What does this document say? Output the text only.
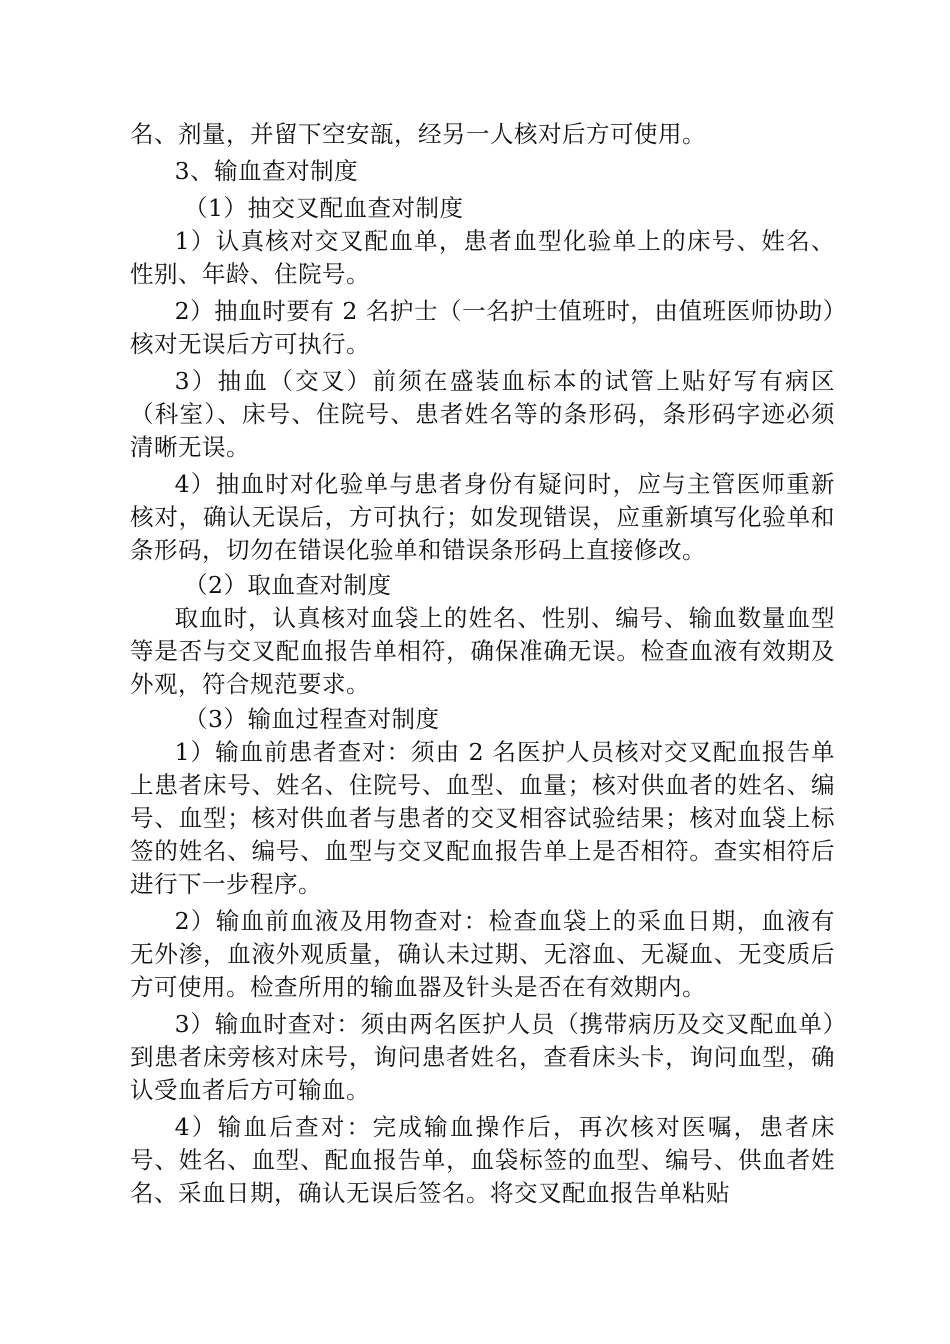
名、剂量，并留下空安瓿，经另一人核对后方可使用。

3、输血查对制度

（1）抽交叉配血查对制度

1）认真核对交叉配血单，患者血型化验单上的床号、姓名、性别、年龄、住院号。

2）抽血时要有 2 名护士（一名护士值班时，由值班医师协助）核对无误后方可执行。

3）抽血（交叉）前须在盛装血标本的试管上贴好写有病区（科室）、床号、住院号、患者姓名等的条形码，条形码字迹必须清晰无误。

4）抽血时对化验单与患者身份有疑问时，应与主管医师重新核对，确认无误后，方可执行；如发现错误，应重新填写化验单和条形码，切勿在错误化验单和错误条形码上直接修改。

（2）取血查对制度

取血时，认真核对血袋上的姓名、性别、编号、输血数量血型等是否与交叉配血报告单相符，确保准确无误。检查血液有效期及外观，符合规范要求。

（3）输血过程查对制度

1）输血前患者查对：须由 2 名医护人员核对交叉配血报告单上患者床号、姓名、住院号、血型、血量；核对供血者的姓名、编号、血型；核对供血者与患者的交叉相容试验结果；核对血袋上标签的姓名、编号、血型与交叉配血报告单上是否相符。查实相符后进行下一步程序。

2）输血前血液及用物查对：检查血袋上的采血日期，血液有无外渗，血液外观质量，确认未过期、无溶血、无凝血、无变质后方可使用。检查所用的输血器及针头是否在有效期内。

3）输血时查对：须由两名医护人员（携带病历及交叉配血单）到患者床旁核对床号，询问患者姓名，查看床头卡，询问血型，确认受血者后方可输血。

4）输血后查对：完成输血操作后，再次核对医嘱，患者床号、姓名、血型、配血报告单，血袋标签的血型、编号、供血者姓名、采血日期，确认无误后签名。将交叉配血报告单粘贴
